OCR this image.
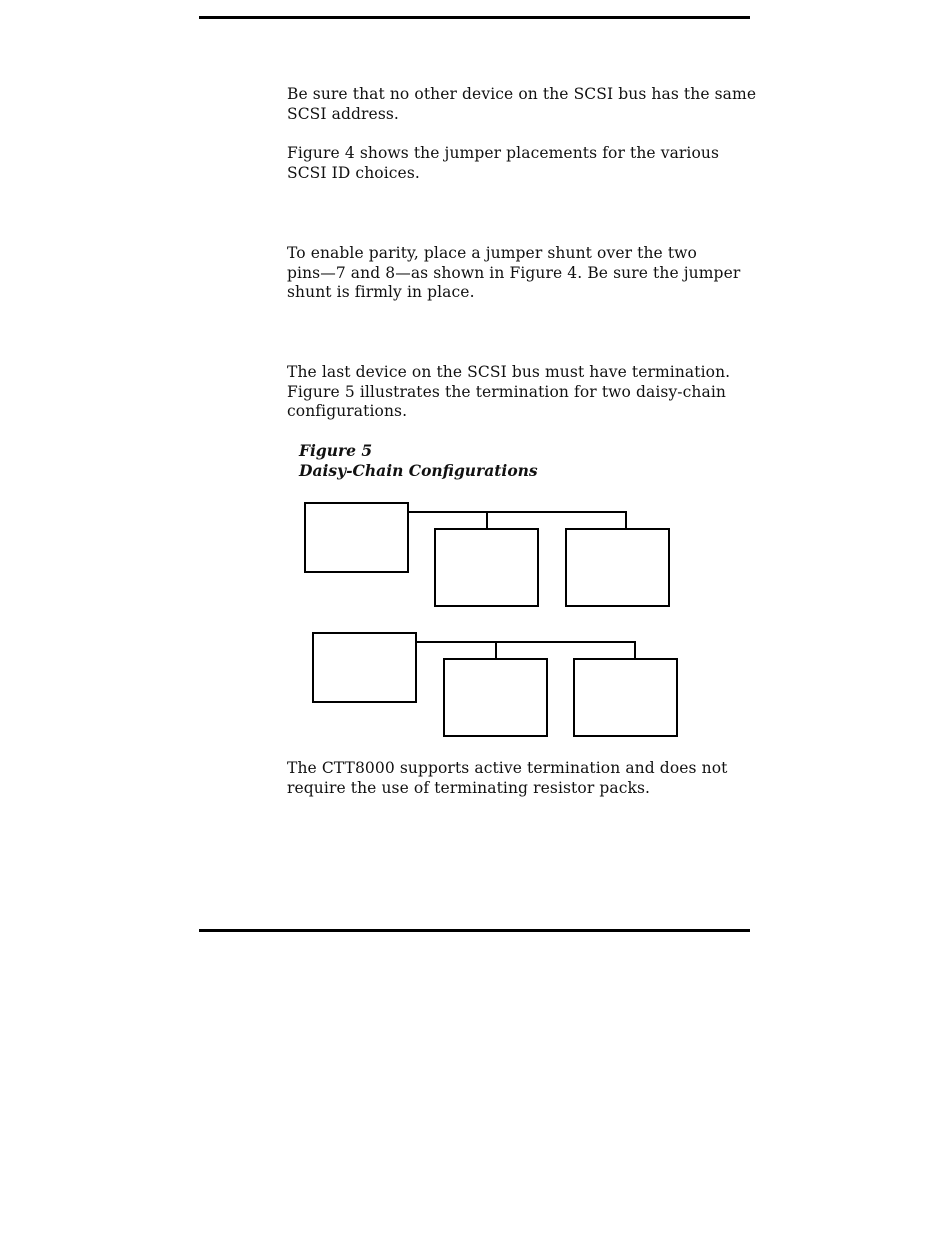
Be sure that no other device on the SCSI bus has the same
SCSI address.

Figure 4 shows the jumper placements for the various
SCSI ID choices.

To enable parity, place a jumper shunt over the two
pins—7 and 8—as shown in Figure 4. Be sure the jumper
shunt is firmly in place.

The last device on the SCSI bus must have termination.
Figure 5 illustrates the termination for two daisy-chain
configurations.

Figure 5

Daisy-Chain Configurations

The CTT8000 supports active termination and does not
require the use of terminating resistor packs.
